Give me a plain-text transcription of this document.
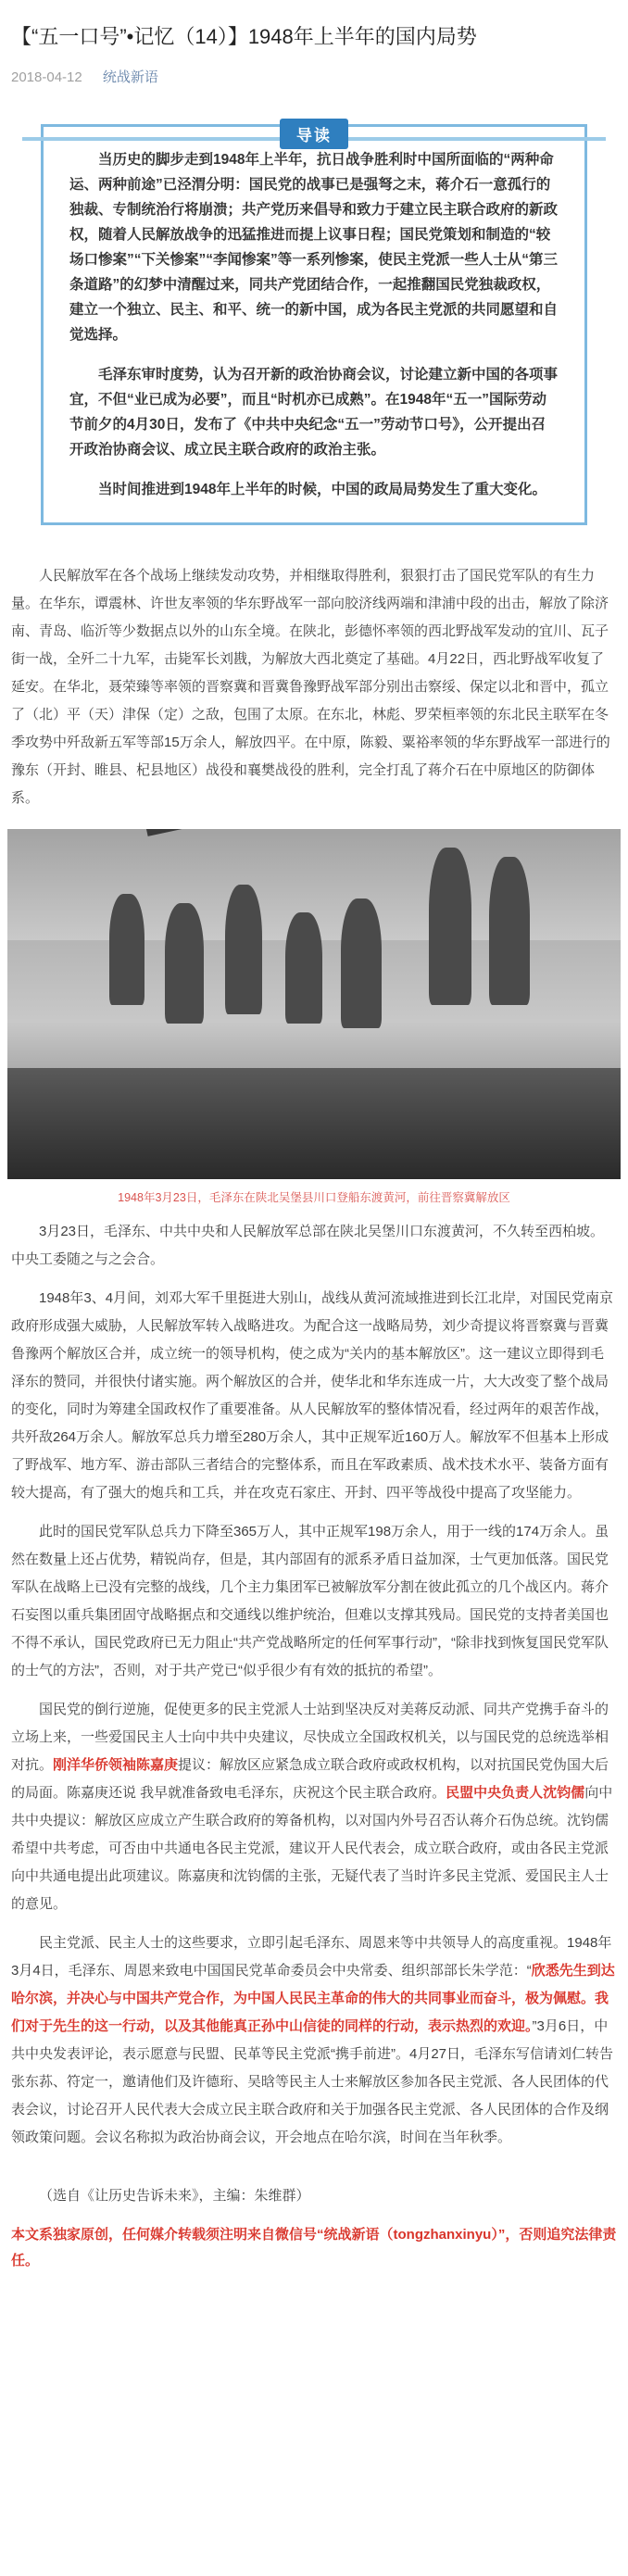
【“五一口号”•记忆（14）】1948年上半年的国内局势
2018-04-12 统战新语
导读

当历史的脚步走到1948年上半年，抗日战争胜利时中国所面临的“两种命运、两种前途”已泾渭分明：国民党的战事已是强弩之末，蒋介石一意孤行的独裁、专制统治行将崩溃；共产党历来倡导和致力于建立民主联合政府的新政权，随着人民解放战争的迅猛推进而提上议事日程；国民党策划和制造的“较场口惨案”“下关惨案”“李闻惨案”等一系列惨案，使民主党派一些人士从“第三条道路”的幻梦中清醒过来，同共产党团结合作，一起推翻国民党独裁政权，建立一个独立、民主、和平、统一的新中国，成为各民主党派的共同愿望和自觉选择。

毛泽东审时度势，认为召开新的政治协商会议，讨论建立新中国的各项事宜，不但“业已成为必要”，而且“时机亦已成熟”。在1948年“五一”国际劳动节前夕的4月30日，发布了《中共中央纪念“五一”劳动节口号》，公开提出召开政治协商会议、成立民主联合政府的政治主张。

当时间推进到1948年上半年的时候，中国的政局局势发生了重大变化。

人民解放军在各个战场上继续发动攻势，并相继取得胜利，狠狠打击了国民党军队的有生力量。在华东，谭震林、许世友率领的华东野战军一部向胶济线两端和津浦中段的出击，解放了除济南、青岛、临沂等少数据点以外的山东全境。在陕北，彭德怀率领的西北野战军发动的宜川、瓦子街一战，全歼二十九军，击毙军长刘戡，为解放大西北奠定了基础。4月22日，西北野战军收复了延安。在华北，聂荣臻等率领的晋察冀和晋冀鲁豫野战军部分别出击察绥、保定以北和晋中，孤立了（北）平（天）津保（定）之敌，包围了太原。在东北，林彪、罗荣桓率领的东北民主联军在冬季攻势中歼敌新五军等部15万余人，解放四平。在中原，陈毅、粟裕率领的华东野战军一部进行的豫东（开封、睢县、杞县地区）战役和襄樊战役的胜利，完全打乱了蒋介石在中原地区的防御体系。

1948年3月23日，毛泽东在陕北吴堡县川口登船东渡黄河，前往晋察冀解放区

3月23日，毛泽东、中共中央和人民解放军总部在陕北吴堡川口东渡黄河，不久转至西柏坡。中央工委随之与之会合。

1948年3、4月间，刘邓大军千里挺进大别山，战线从黄河流域推进到长江北岸，对国民党南京政府形成强大威胁，人民解放军转入战略进攻。为配合这一战略局势，刘少奇提议将晋察冀与晋冀鲁豫两个解放区合并，成立统一的领导机构，使之成为“关内的基本解放区”。这一建议立即得到毛泽东的赞同，并很快付诸实施。两个解放区的合并，使华北和华东连成一片，大大改变了整个战局的变化，同时为筹建全国政权作了重要准备。从人民解放军的整体情况看，经过两年的艰苦作战，共歼敌264万余人。解放军总兵力增至280万余人，其中正规军近160万人。解放军不但基本上形成了野战军、地方军、游击部队三者结合的完整体系，而且在军政素质、战术技术水平、装备方面有较大提高，有了强大的炮兵和工兵，并在攻克石家庄、开封、四平等战役中提高了攻坚能力。

此时的国民党军队总兵力下降至365万人，其中正规军198万余人，用于一线的174万余人。虽然在数量上还占优势，精锐尚存，但是，其内部固有的派系矛盾日益加深，士气更加低落。国民党军队在战略上已没有完整的战线，几个主力集团军已被解放军分割在彼此孤立的几个战区内。蒋介石妄图以重兵集团固守战略据点和交通线以维护统治，但难以支撑其残局。国民党的支持者美国也不得不承认，国民党政府已无力阻止“共产党战略所定的任何军事行动”，“除非找到恢复国民党军队的士气的方法”，否则，对于共产党已“似乎很少有有效的抵抗的希望”。

国民党的倒行逆施，促使更多的民主党派人士站到坚决反对美蒋反动派、同共产党携手奋斗的立场上来，一些爱国民主人士向中共中央建议，尽快成立全国政权机关，以与国民党的总统选举相对抗。刚洋华侨领袖陈嘉庚提议：解放区应紧急成立联合政府或政权机构，以对抗国民党伪国大后的局面。陈嘉庚还说 我早就准备致电毛泽东，庆祝这个民主联合政府。民盟中央负责人沈钧儒向中共中央提议：解放区应成立产生联合政府的筹备机构，以对国内外号召否认蒋介石伪总统。沈钧儒希望中共考虑，可否由中共通电各民主党派，建议开人民代表会，成立联合政府，或由各民主党派向中共通电提出此项建议。陈嘉庚和沈钧儒的主张，无疑代表了当时许多民主党派、爱国民主人士的意见。

民主党派、民主人士的这些要求，立即引起毛泽东、周恩来等中共领导人的高度重视。1948年3月4日，毛泽东、周恩来致电中国国民党革命委员会中央常委、组织部部长朱学范：“欣悉先生到达哈尔滨，并决心与中国共产党合作，为中国人民民主革命的伟大的共同事业而奋斗，极为佩慰。我们对于先生的这一行动，以及其他能真正孙中山信徒的同样的行动，表示热烈的欢迎。”3月6日，中共中央发表评论，表示愿意与民盟、民革等民主党派“携手前进”。4月27日，毛泽东写信请刘仁转告张东荪、符定一，邀请他们及许德珩、吴晗等民主人士来解放区参加各民主党派、各人民团体的代表会议，讨论召开人民代表大会成立民主联合政府和关于加强各民主党派、各人民团体的合作及纲领政策问题。会议名称拟为政治协商会议，开会地点在哈尔滨，时间在当年秋季。

（选自《让历史告诉未来》，主编：朱维群）

本文系独家原创，任何媒介转载须注明来自微信号“统战新语（tongzhanxinyu）”，否则追究法律责任。
